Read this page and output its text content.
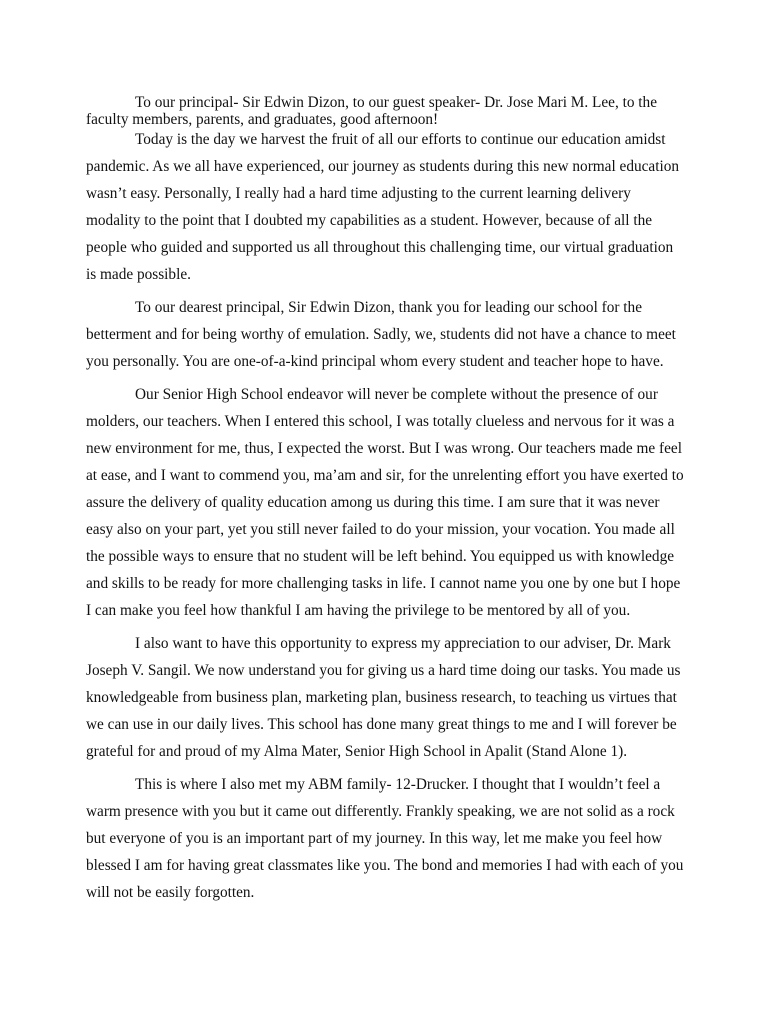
To our principal- Sir Edwin Dizon, to our guest speaker- Dr. Jose Mari M. Lee, to the faculty members, parents, and graduates, good afternoon!

Today is the day we harvest the fruit of all our efforts to continue our education amidst pandemic. As we all have experienced, our journey as students during this new normal education wasn’t easy. Personally, I really had a hard time adjusting to the current learning delivery modality to the point that I doubted my capabilities as a student. However, because of all the people who guided and supported us all throughout this challenging time, our virtual graduation is made possible.

To our dearest principal, Sir Edwin Dizon, thank you for leading our school for the betterment and for being worthy of emulation. Sadly, we, students did not have a chance to meet you personally. You are one-of-a-kind principal whom every student and teacher hope to have.

Our Senior High School endeavor will never be complete without the presence of our molders, our teachers. When I entered this school, I was totally clueless and nervous for it was a new environment for me, thus, I expected the worst. But I was wrong. Our teachers made me feel at ease, and I want to commend you, ma’am and sir, for the unrelenting effort you have exerted to assure the delivery of quality education among us during this time. I am sure that it was never easy also on your part, yet you still never failed to do your mission, your vocation. You made all the possible ways to ensure that no student will be left behind. You equipped us with knowledge and skills to be ready for more challenging tasks in life. I cannot name you one by one but I hope I can make you feel how thankful I am having the privilege to be mentored by all of you.

I also want to have this opportunity to express my appreciation to our adviser, Dr. Mark Joseph V. Sangil. We now understand you for giving us a hard time doing our tasks. You made us knowledgeable from business plan, marketing plan, business research, to teaching us virtues that we can use in our daily lives. This school has done many great things to me and I will forever be grateful for and proud of my Alma Mater, Senior High School in Apalit (Stand Alone 1).

This is where I also met my ABM family- 12-Drucker. I thought that I wouldn’t feel a warm presence with you but it came out differently. Frankly speaking, we are not solid as a rock but everyone of you is an important part of my journey. In this way, let me make you feel how blessed I am for having great classmates like you. The bond and memories I had with each of you will not be easily forgotten.
